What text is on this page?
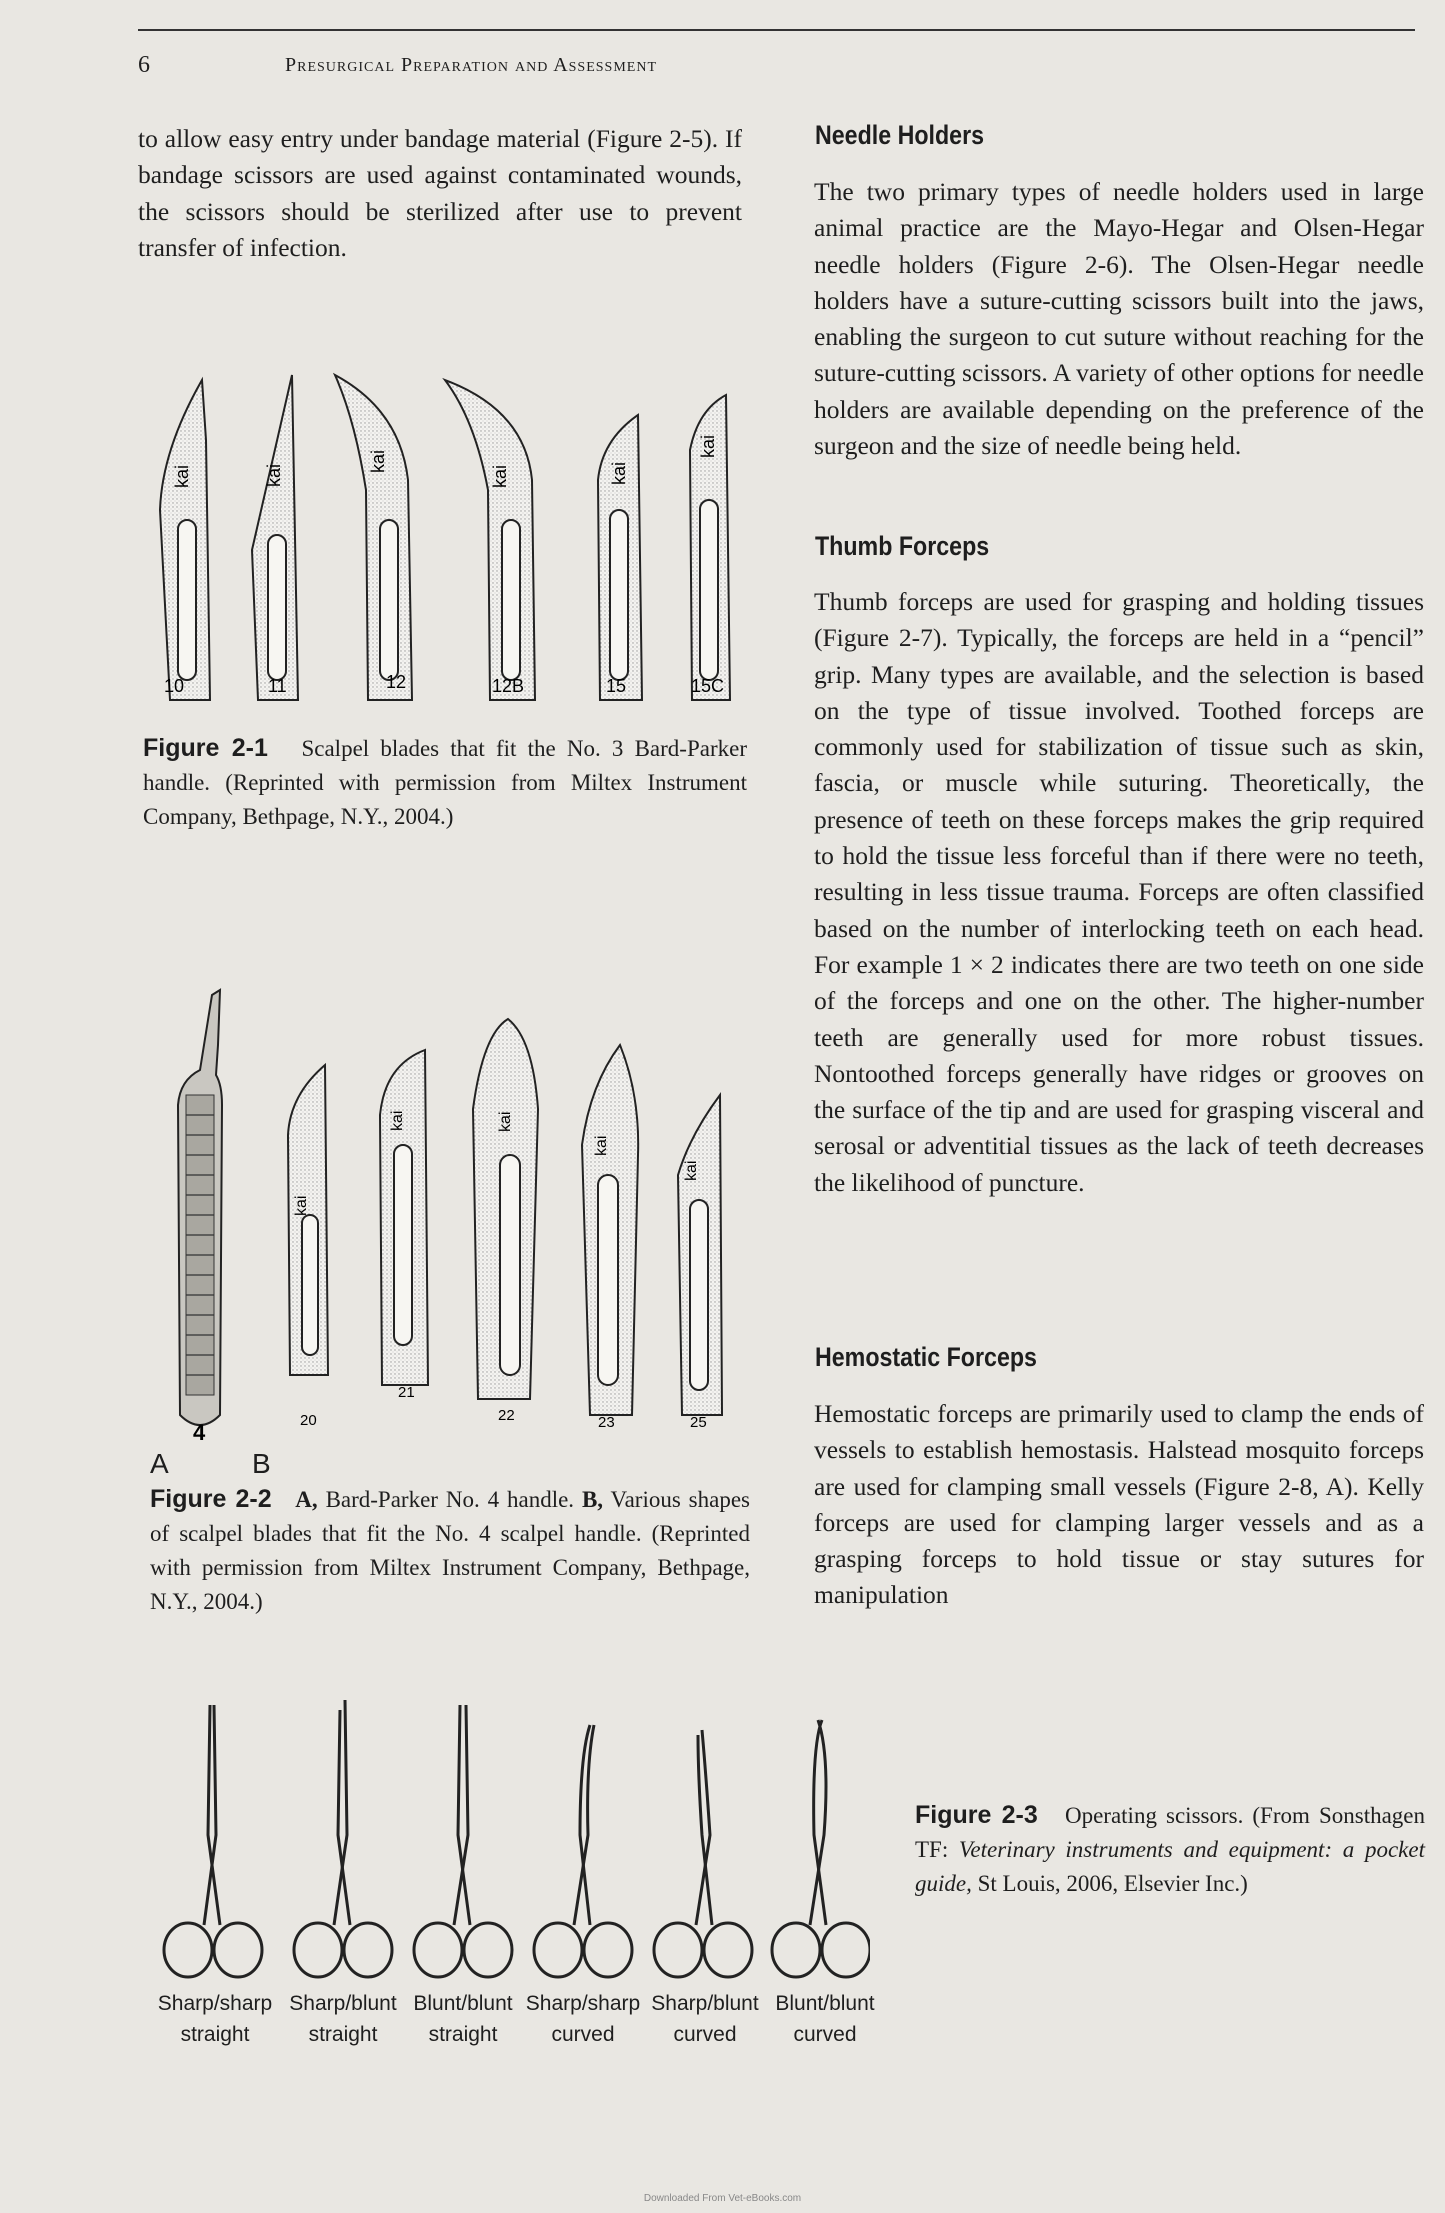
6	Presurgical Preparation and Assessment

to allow easy entry under bandage material (Figure 2-5). If bandage scissors are used against contaminated wounds, the scissors should be sterilized after use to prevent transfer of infection.

kai
10
kai
11
kai
12
kai
12B
kai
15
kai
15C
Figure 2-1 Scalpel blades that fit the No. 3 Bard-Parker handle. (Reprinted with permission from Miltex Instrument Company, Bethpage, N.Y., 2004.)
4
kai
20
kai
21
kai
22
kai
23
kai
25
A	B
Figure 2-2 A, Bard-Parker No. 4 handle. B, Various shapes of scalpel blades that fit the No. 4 scalpel handle. (Reprinted with permission from Miltex Instrument Company, Bethpage, N.Y., 2004.)
Sharp/sharp
straight
Sharp/blunt
straight
Blunt/blunt
straight
Sharp/sharp
curved
Sharp/blunt
curved
Blunt/blunt
curved
Figure 2-3 Operating scissors. (From Sonsthagen TF: Veterinary instruments and equipment: a pocket guide, St Louis, 2006, Elsevier Inc.)
Needle Holders

The two primary types of needle holders used in large animal practice are the Mayo-Hegar and Olsen-Hegar needle holders (Figure 2-6). The Olsen-Hegar needle holders have a suture-cutting scissors built into the jaws, enabling the surgeon to cut suture without reaching for the suture-cutting scissors. A variety of other options for needle holders are available depending on the preference of the surgeon and the size of needle being held.

Thumb Forceps

Thumb forceps are used for grasping and holding tissues (Figure 2-7). Typically, the forceps are held in a “pencil” grip. Many types are available, and the selection is based on the type of tissue involved. Toothed forceps are commonly used for stabilization of tissue such as skin, fascia, or muscle while suturing. Theoretically, the presence of teeth on these forceps makes the grip required to hold the tissue less forceful than if there were no teeth, resulting in less tissue trauma. Forceps are often classified based on the number of interlocking teeth on each head. For example 1 × 2 indicates there are two teeth on one side of the forceps and one on the other. The higher-number teeth are generally used for more robust tissues. Nontoothed forceps generally have ridges or grooves on the surface of the tip and are used for grasping visceral and serosal or adventitial tissues as the lack of teeth decreases the likelihood of puncture.

Hemostatic Forceps

Hemostatic forceps are primarily used to clamp the ends of vessels to establish hemostasis. Halstead mosquito forceps are used for clamping small vessels (Figure 2-8, A). Kelly forceps are used for clamping larger vessels and as a grasping forceps to hold tissue or stay sutures for manipulation

Downloaded From Vet-eBooks.com
